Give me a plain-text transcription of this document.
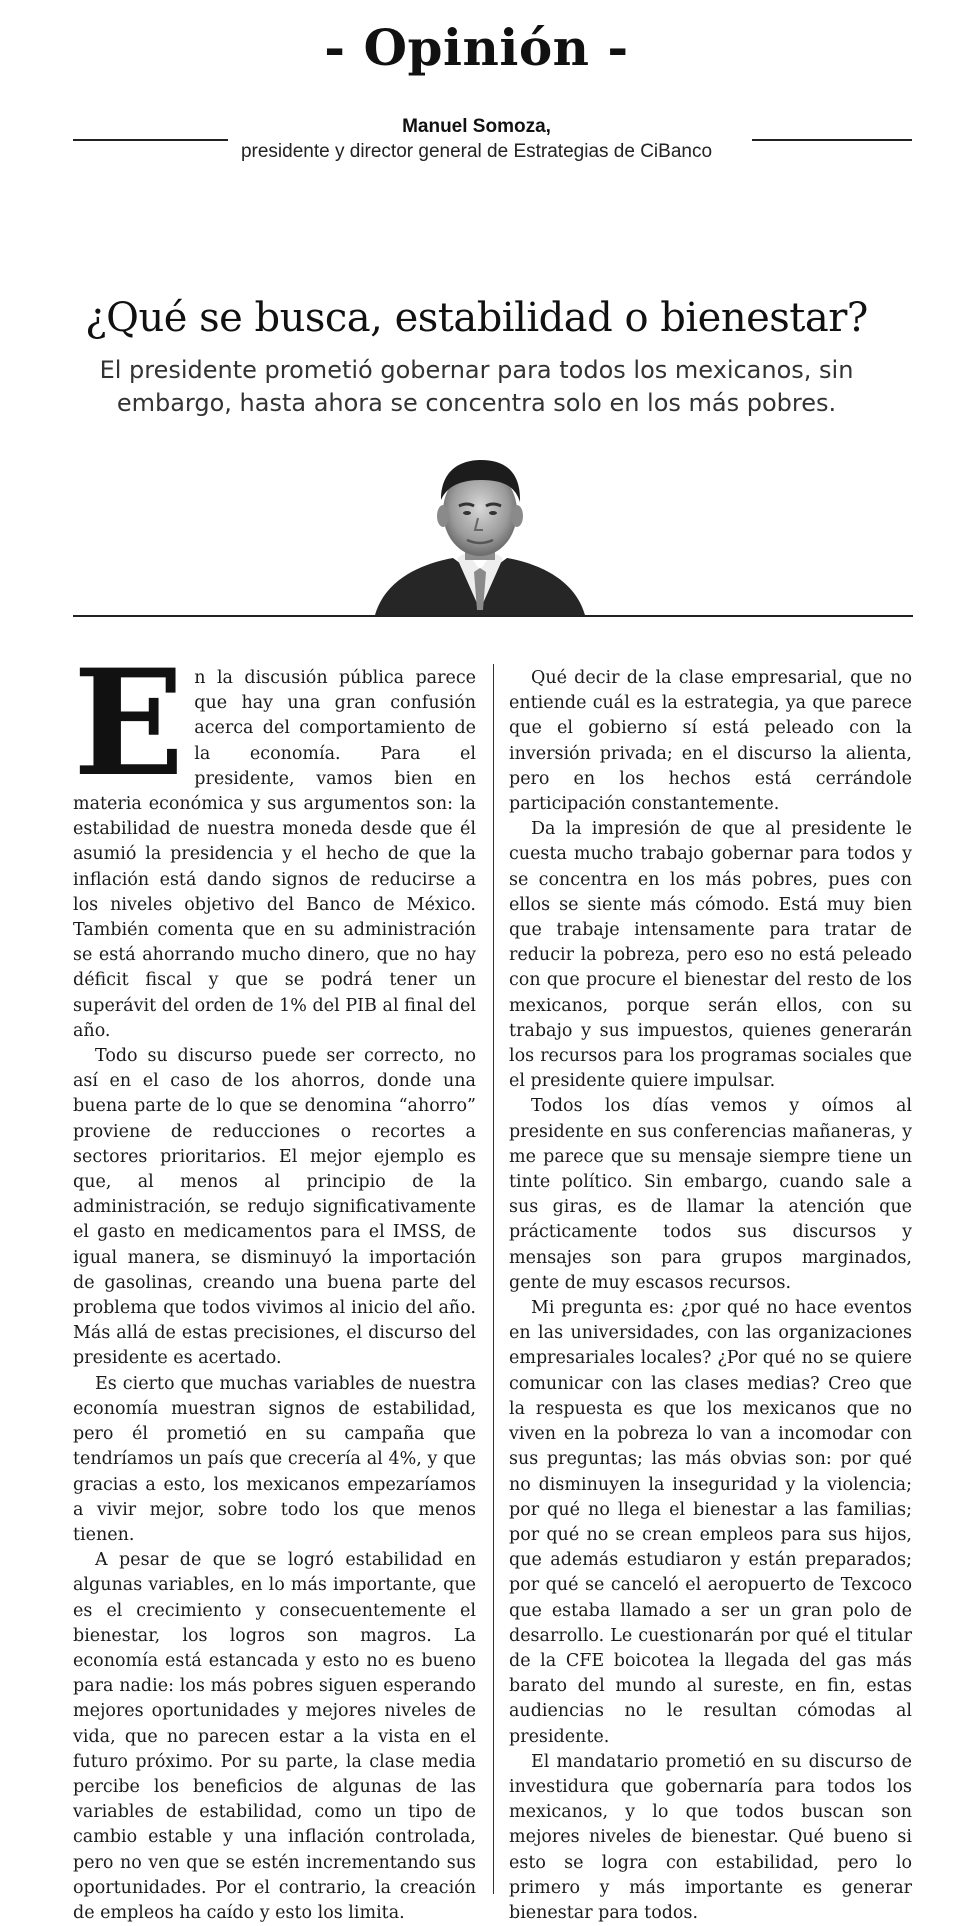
- Opinión -
Manuel Somoza,
presidente y director general de Estrategias de CiBanco
¿Qué se busca, estabilidad o bienestar?
El presidente prometió gobernar para todos los mexicanos, sin embargo, hasta ahora se concentra solo en los más pobres.

En la discusión pública parece que hay una gran confusión acerca del comportamiento de la economía. Para el presidente, vamos bien en materia económica y sus argumentos son: la estabilidad de nuestra moneda desde que él asumió la presidencia y el hecho de que la inflación está dando signos de reducirse a los niveles objetivo del Banco de México. También comenta que en su administración se está ahorrando mucho dinero, que no hay déficit fiscal y que se podrá tener un superávit del orden de 1% del PIB al final del año.

Todo su discurso puede ser correcto, no así en el caso de los ahorros, donde una buena parte de lo que se denomina “ahorro” proviene de reducciones o recortes a sectores prioritarios. El mejor ejemplo es que, al menos al principio de la administración, se redujo significativamente el gasto en medicamentos para el IMSS, de igual manera, se disminuyó la importación de gasolinas, creando una buena parte del problema que todos vivimos al inicio del año. Más allá de estas precisiones, el discurso del presidente es acertado.

Es cierto que muchas variables de nuestra economía muestran signos de estabilidad, pero él prometió en su campaña que tendríamos un país que crecería al 4%, y que gracias a esto, los mexicanos empezaríamos a vivir mejor, sobre todo los que menos tienen.

A pesar de que se logró estabilidad en algunas variables, en lo más importante, que es el crecimiento y consecuentemente el bienestar, los logros son magros. La economía está estancada y esto no es bueno para nadie: los más pobres siguen esperando mejores oportunidades y mejores niveles de vida, que no parecen estar a la vista en el futuro próximo. Por su parte, la clase media percibe los beneficios de algunas de las variables de estabilidad, como un tipo de cambio estable y una inflación controlada, pero no ven que se estén incrementando sus oportunidades. Por el contrario, la creación de empleos ha caído y esto los limita.

Qué decir de la clase empresarial, que no entiende cuál es la estrategia, ya que parece que el gobierno sí está peleado con la inversión privada; en el discurso la alienta, pero en los hechos está cerrándole participación constantemente.

Da la impresión de que al presidente le cuesta mucho trabajo gobernar para todos y se concentra en los más pobres, pues con ellos se siente más cómodo. Está muy bien que trabaje intensamente para tratar de reducir la pobreza, pero eso no está peleado con que procure el bienestar del resto de los mexicanos, porque serán ellos, con su trabajo y sus impuestos, quienes generarán los recursos para los programas sociales que el presidente quiere impulsar.

Todos los días vemos y oímos al presidente en sus conferencias mañaneras, y me parece que su mensaje siempre tiene un tinte político. Sin embargo, cuando sale a sus giras, es de llamar la atención que prácticamente todos sus discursos y mensajes son para grupos marginados, gente de muy escasos recursos.

Mi pregunta es: ¿por qué no hace eventos en las universidades, con las organizaciones empresariales locales? ¿Por qué no se quiere comunicar con las clases medias? Creo que la respuesta es que los mexicanos que no viven en la pobreza lo van a incomodar con sus preguntas; las más obvias son: por qué no disminuyen la inseguridad y la violencia; por qué no llega el bienestar a las familias; por qué no se crean empleos para sus hijos, que además estudiaron y están preparados; por qué se canceló el aeropuerto de Texcoco que estaba llamado a ser un gran polo de desarrollo. Le cuestionarán por qué el titular de la CFE boicotea la llegada del gas más barato del mundo al sureste, en fin, estas audiencias no le resultan cómodas al presidente.

El mandatario prometió en su discurso de investidura que gobernaría para todos los mexicanos, y lo que todos buscan son mejores niveles de bienestar. Qué bueno si esto se logra con estabilidad, pero lo primero y más importante es generar bienestar para todos.
